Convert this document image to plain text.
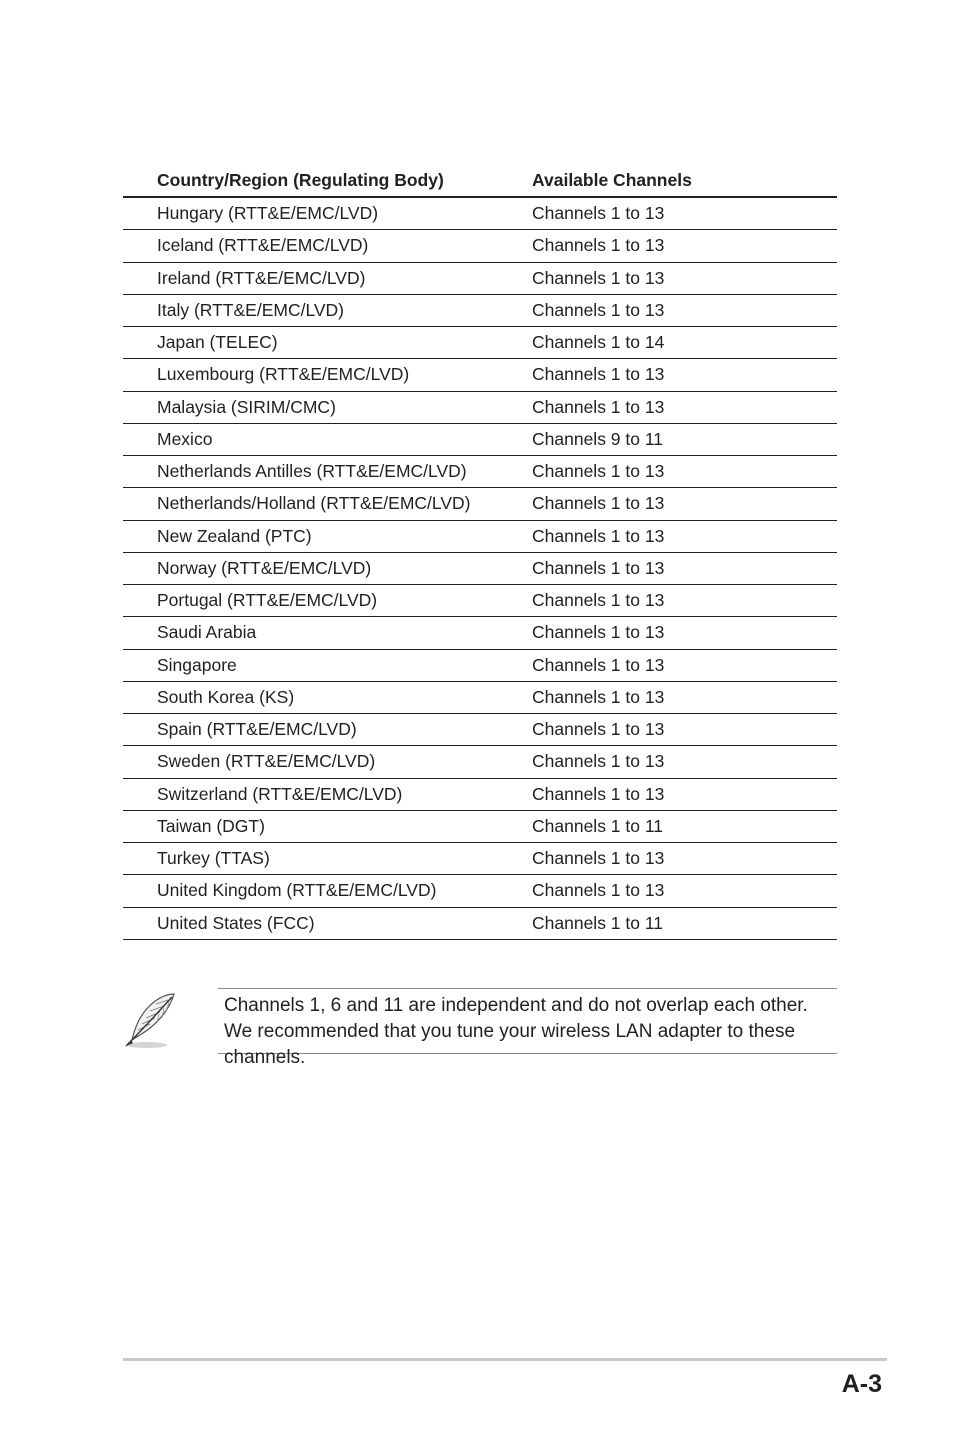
Country/Region (Regulating Body)	Available Channels
Hungary (RTT&E/EMC/LVD)	Channels 1 to 13
Iceland (RTT&E/EMC/LVD)	Channels 1 to 13
Ireland (RTT&E/EMC/LVD)	Channels 1 to 13
Italy (RTT&E/EMC/LVD)	Channels 1 to 13
Japan (TELEC)	Channels 1 to 14
Luxembourg (RTT&E/EMC/LVD)	Channels 1 to 13
Malaysia (SIRIM/CMC)	Channels 1 to 13
Mexico	Channels 9 to 11
Netherlands Antilles (RTT&E/EMC/LVD)	Channels 1 to 13
Netherlands/Holland (RTT&E/EMC/LVD)	Channels 1 to 13
New Zealand (PTC)	Channels 1 to 13
Norway (RTT&E/EMC/LVD)	Channels 1 to 13
Portugal (RTT&E/EMC/LVD)	Channels 1 to 13
Saudi Arabia	Channels 1 to 13
Singapore	Channels 1 to 13
South Korea (KS)	Channels 1 to 13
Spain (RTT&E/EMC/LVD)	Channels 1 to 13
Sweden (RTT&E/EMC/LVD)	Channels 1 to 13
Switzerland (RTT&E/EMC/LVD)	Channels 1 to 13
Taiwan (DGT)	Channels 1 to 11
Turkey (TTAS)	Channels 1 to 13
United Kingdom (RTT&E/EMC/LVD)	Channels 1 to 13
United States (FCC)	Channels 1 to 11
Channels 1, 6 and 11 are independent and do not overlap each other. We recommended that you tune your wireless LAN adapter to these channels.
A-3
